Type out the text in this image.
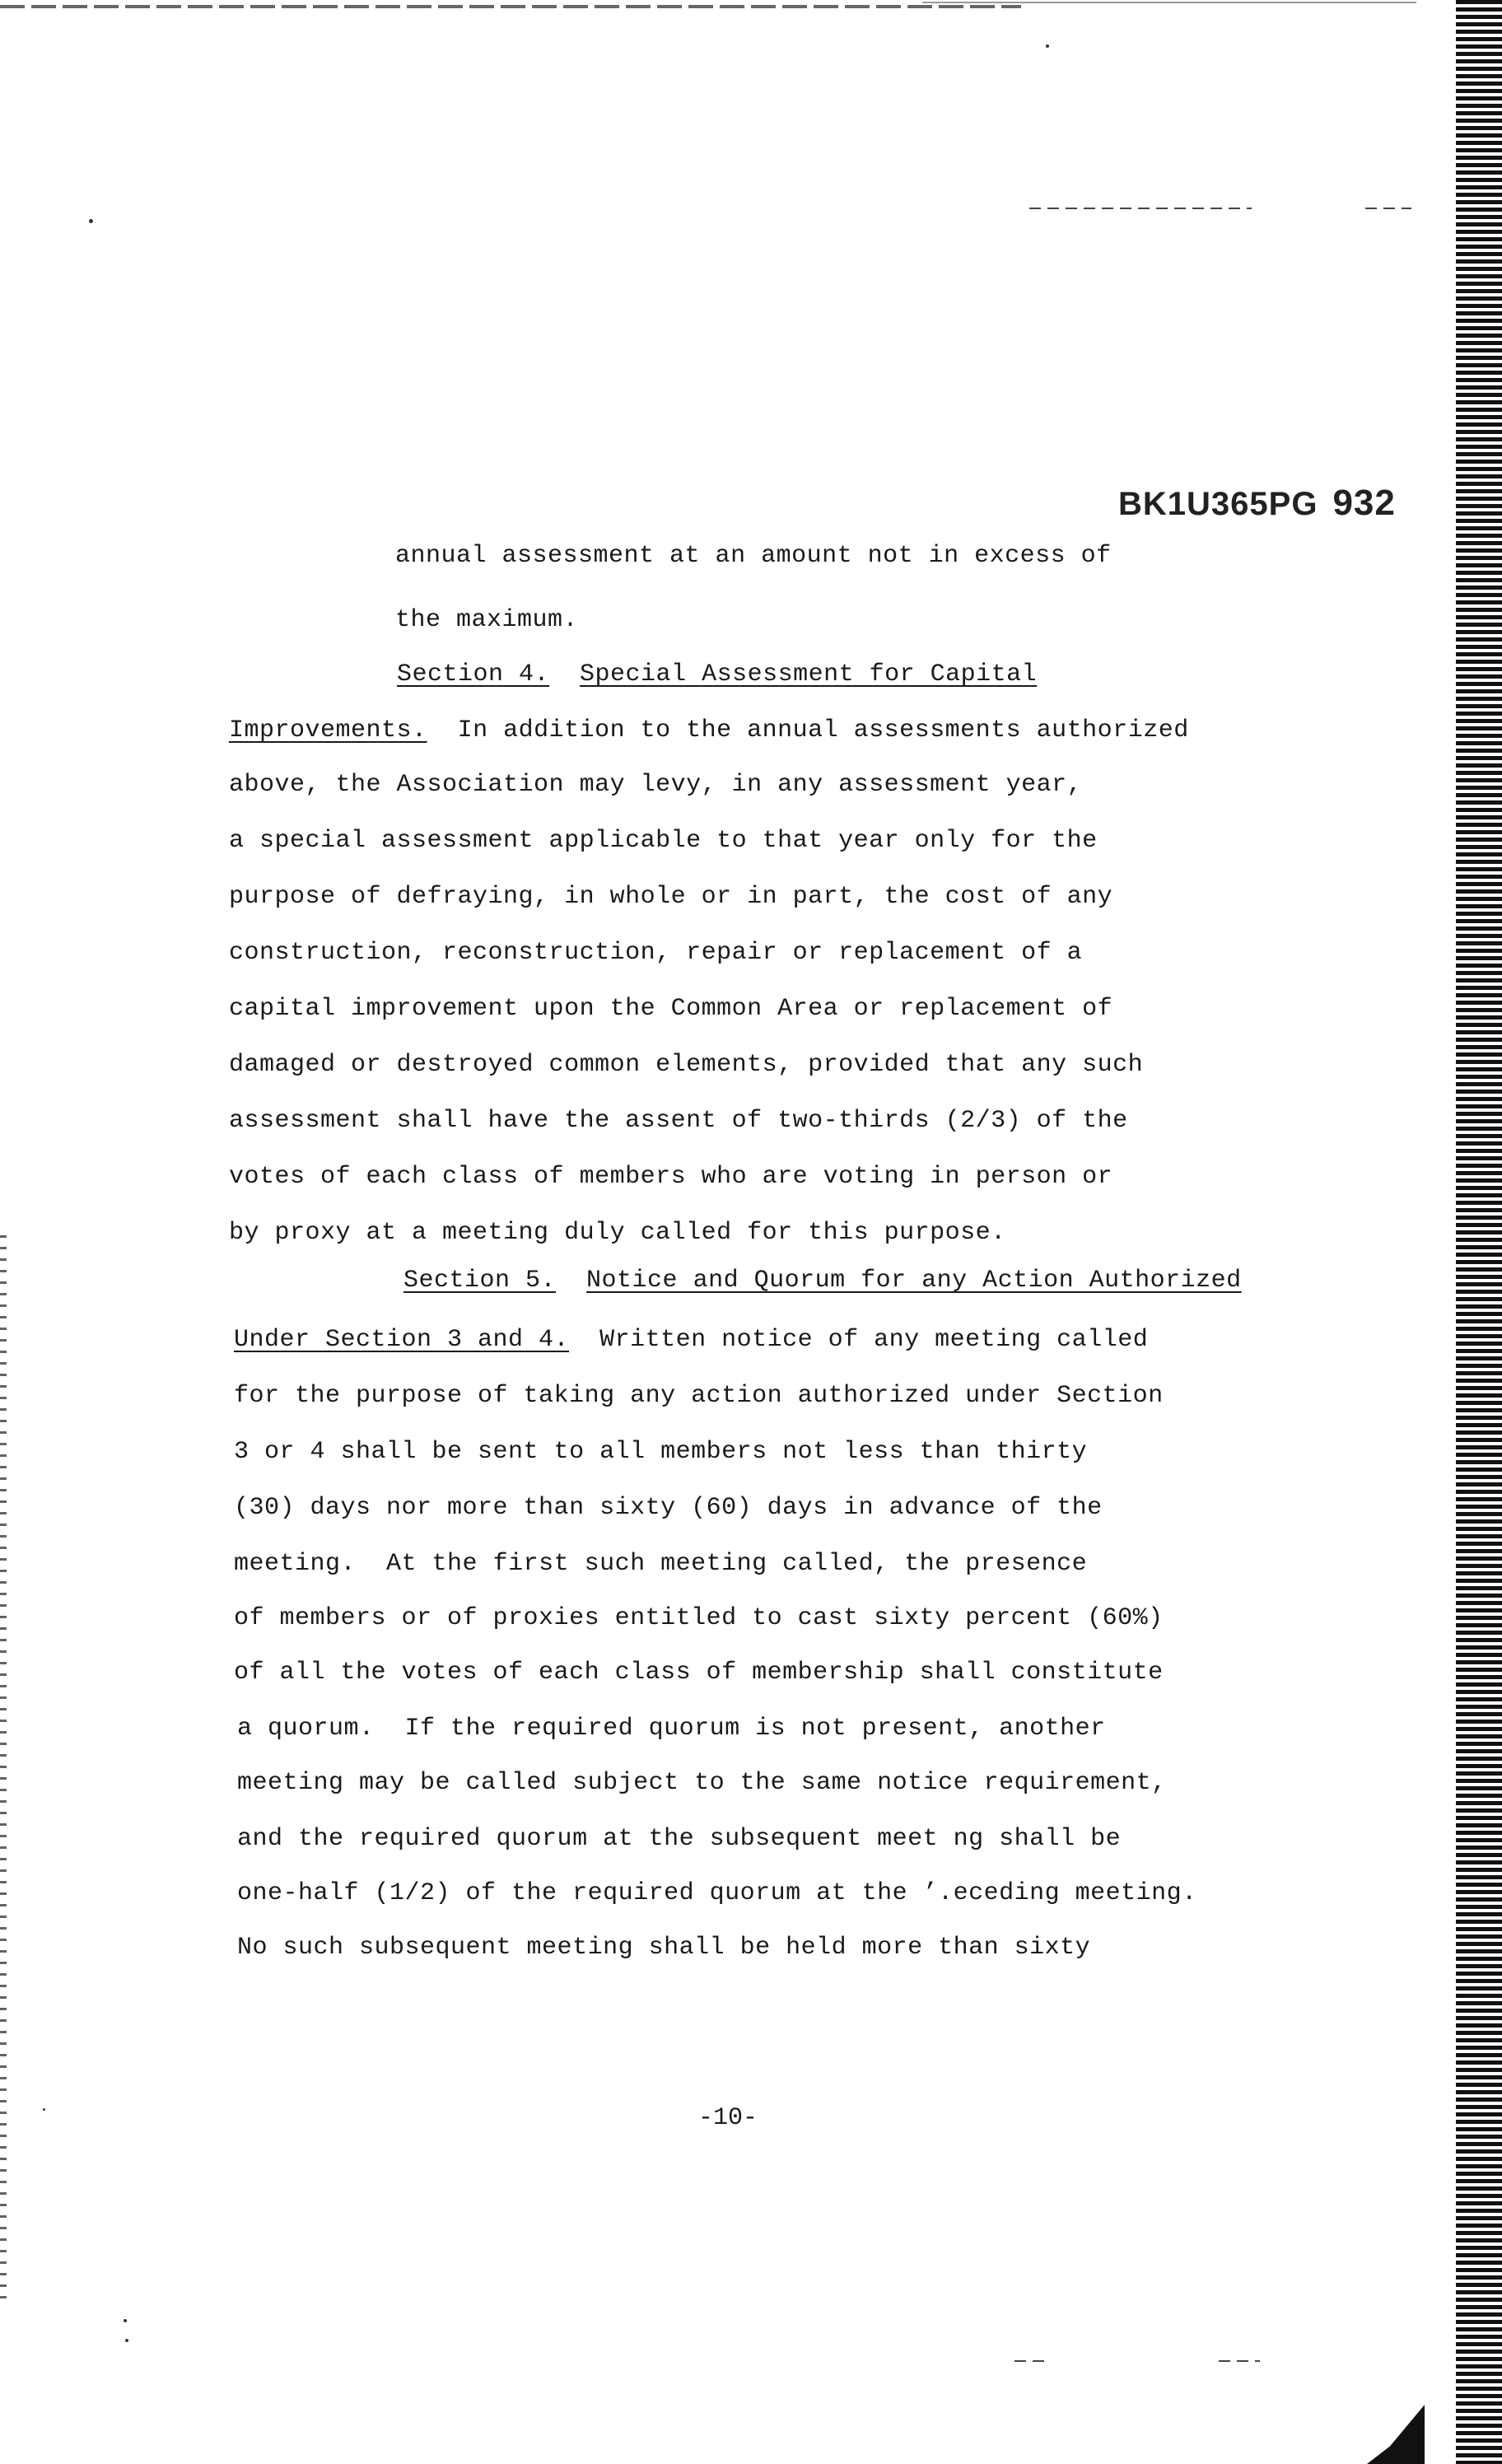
BK1U365PG 932
annual assessment at an amount not in excess of
the maximum.
Section 4. Special Assessment for Capital
Improvements. In addition to the annual assessments authorized
above, the Association may levy, in any assessment year,
a special assessment applicable to that year only for the
purpose of defraying, in whole or in part, the cost of any
construction, reconstruction, repair or replacement of a
capital improvement upon the Common Area or replacement of
damaged or destroyed common elements, provided that any such
assessment shall have the assent of two-thirds (2/3) of the
votes of each class of members who are voting in person or
by proxy at a meeting duly called for this purpose.
Section 5. Notice and Quorum for any Action Authorized
Under Section 3 and 4. Written notice of any meeting called
for the purpose of taking any action authorized under Section
3 or 4 shall be sent to all members not less than thirty
(30) days nor more than sixty (60) days in advance of the
meeting. At the first such meeting called, the presence
of members or of proxies entitled to cast sixty percent (60%)
of all the votes of each class of membership shall constitute
a quorum. If the required quorum is not present, another
meeting may be called subject to the same notice requirement,
and the required quorum at the subsequent meet ng shall be
one-half (1/2) of the required quorum at the ’.eceding meeting.
No such subsequent meeting shall be held more than sixty
-10-
